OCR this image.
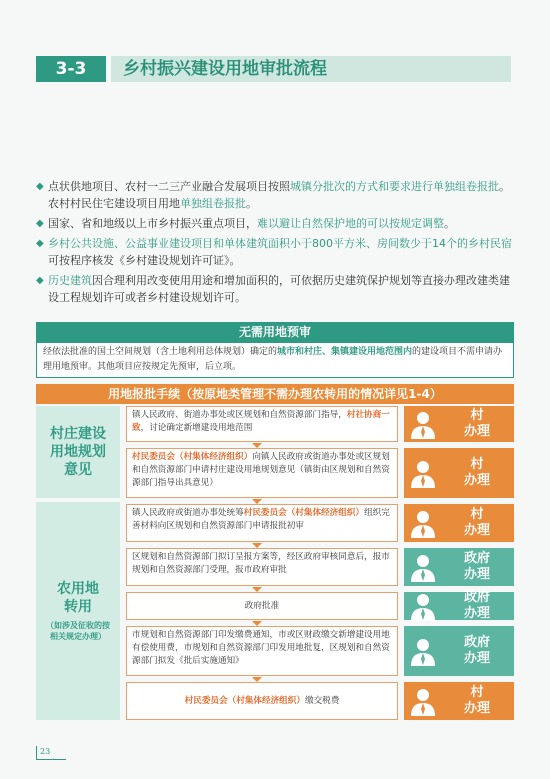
3-3	乡村振兴建设用地审批流程
◆ 点状供地项目、农村一二三产业融合发展项目按照城镇分批次的方式和要求进行单独组卷报批。农村村民住宅建设项目用地单独组卷报批。
◆ 国家、省和地级以上市乡村振兴重点项目，难以避让自然保护地的可以按规定调整。
◆ 乡村公共设施、公益事业建设项目和单体建筑面积小于800平方米、房间数少于14个的乡村民宿可按程序核发《乡村建设规划许可证》。
◆ 历史建筑因合理利用改变使用用途和增加面积的，可依据历史建筑保护规划等直接办理改建类建设工程规划许可或者乡村建设规划许可。
无需用地预审
经依法批准的国土空间规划（含土地利用总体规划）确定的城市和村庄、集镇建设用地范围内的建设项目不需申请办理用地预审。其他项目应按规定先预审，后立项。
用地报批手续（按原地类管理不需办理农转用的情况详见1-4）
村庄建设
用地规划
意见
农用地
转用
（如涉及征收的按
相关规定办理）
镇人民政府、街道办事处或区规划和自然资源部门指导，村社协商一致，讨论确定新增建设用地范围
村
办理
村民委员会（村集体经济组织）向镇人民政府或街道办事处或区规划和自然资源部门申请村庄建设用地规划意见（镇街由区规划和自然资源部门指导出具意见）
村
办理
镇人民政府或街道办事处统筹村民委员会（村集体经济组织）组织完善材料向区规划和自然资源部门申请报批初审
村
办理
区规划和自然资源部门拟订呈报方案等，经区政府审核同意后，报市规划和自然资源部门受理，报市政府审批
政府
办理
政府批准
政府
办理
市规划和自然资源部门印发缴费通知，市或区财政缴交新增建设用地有偿使用费，市规划和自然资源部门印发用地批复，区规划和自然资源部门拟发《批后实施通知》
政府
办理
村民委员会（村集体经济组织）缴交税费
村
办理
23
